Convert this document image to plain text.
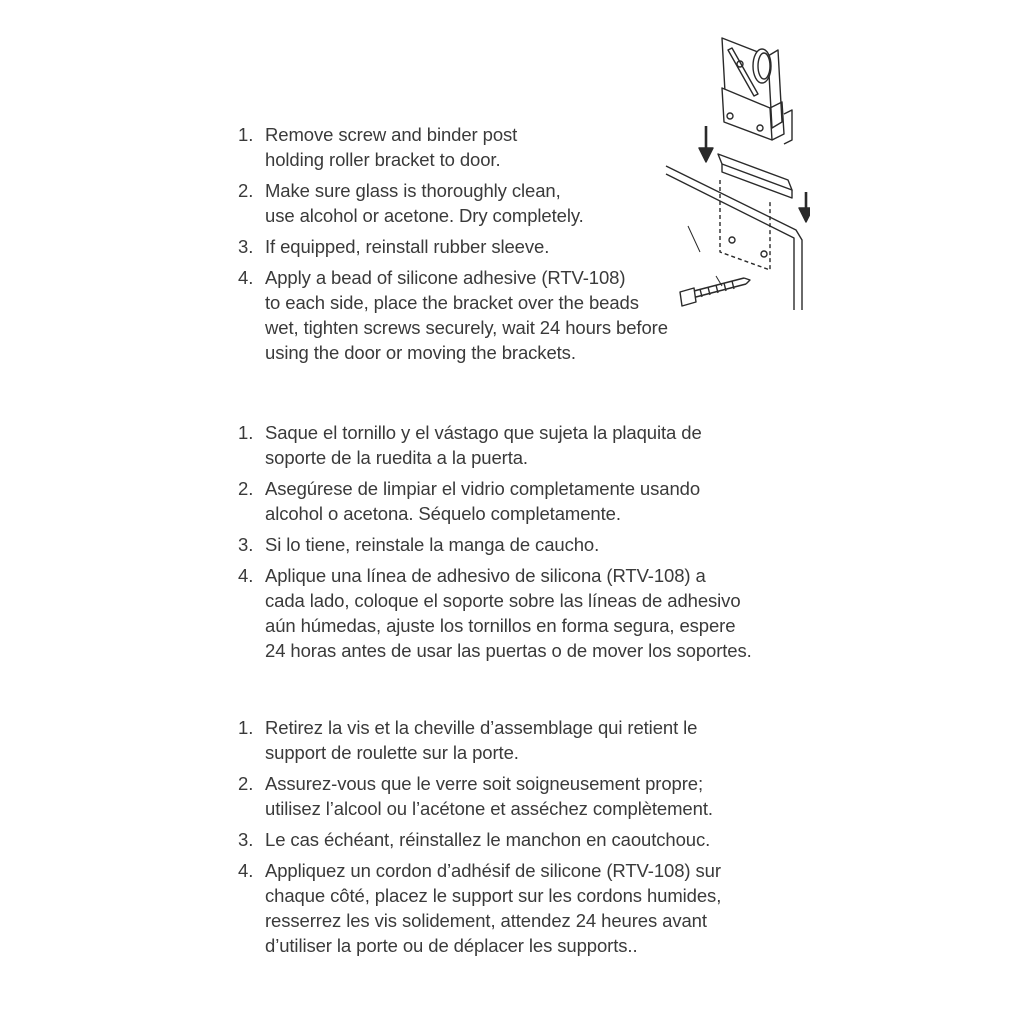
1. Remove screw and binder post
holding roller bracket to door.
2. Make sure glass is thoroughly clean,
use alcohol or acetone. Dry completely.
3. If equipped, reinstall rubber sleeve.
4. Apply a bead of silicone adhesive (RTV-108)
to each side, place the bracket over the beads
wet, tighten screws securely, wait 24 hours before
using the door or moving the brackets.
1. Saque el tornillo y el vástago que sujeta la plaquita de
soporte de la ruedita a la puerta.
2. Asegúrese de limpiar el vidrio completamente usando
alcohol o acetona. Séquelo completamente.
3. Si lo tiene, reinstale la manga de caucho.
4. Aplique una línea de adhesivo de silicona (RTV-108) a
cada lado, coloque el soporte sobre las líneas de adhesivo
aún húmedas, ajuste los tornillos en forma segura, espere
24 horas antes de usar las puertas o de mover los soportes.
1. Retirez la vis et la cheville d’assemblage qui retient le
support de roulette sur la porte.
2. Assurez-vous que le verre soit soigneusement propre;
utilisez l’alcool ou l’acétone et asséchez complètement.
3. Le cas échéant, réinstallez le manchon en caoutchouc.
4. Appliquez un cordon d’adhésif de silicone (RTV-108) sur
chaque côté, placez le support sur les cordons humides,
resserrez les vis solidement, attendez 24 heures avant
d’utiliser la porte ou de déplacer les supports..
